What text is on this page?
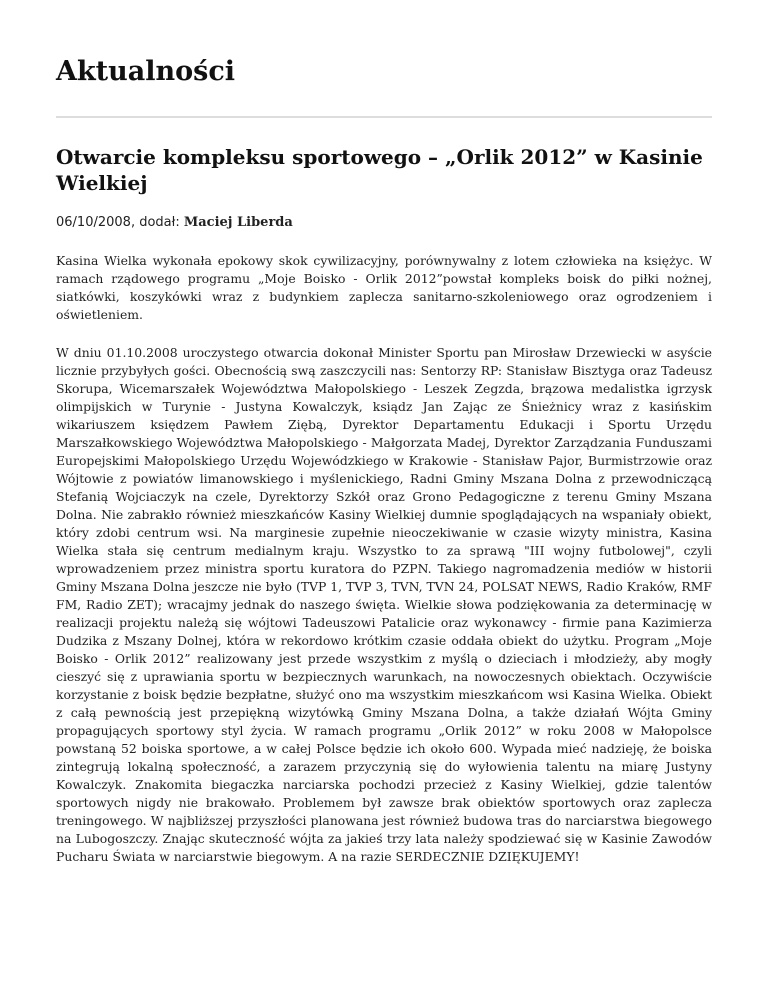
Aktualności
Otwarcie kompleksu sportowego – „Orlik 2012” w Kasinie Wielkiej
06/10/2008, dodał: Maciej Liberda

Kasina Wielka wykonała epokowy skok cywilizacyjny, porównywalny z lotem człowieka na księżyc. W ramach rządowego programu „Moje Boisko - Orlik 2012”powstał kompleks boisk do piłki nożnej, siatkówki, koszykówki wraz z budynkiem zaplecza sanitarno-szkoleniowego oraz ogrodzeniem i oświetleniem.

W dniu 01.10.2008 uroczystego otwarcia dokonał Minister Sportu pan Mirosław Drzewiecki w asyście licznie przybyłych gości. Obecnością swą zaszczycili nas: Sentorzy RP: Stanisław Bisztyga oraz Tadeusz Skorupa, Wicemarszałek Województwa Małopolskiego - Leszek Zegzda, brązowa medalistka igrzysk olimpijskich w Turynie - Justyna Kowalczyk, ksiądz Jan Zając ze Śnieżnicy wraz z kasińskim wikariuszem księdzem Pawłem Ziębą, Dyrektor Departamentu Edukacji i Sportu Urzędu Marszałkowskiego Województwa Małopolskiego - Małgorzata Madej, Dyrektor Zarządzania Funduszami Europejskimi Małopolskiego Urzędu Wojewódzkiego w Krakowie - Stanisław Pajor, Burmistrzowie oraz Wójtowie z powiatów limanowskiego i myślenickiego, Radni Gminy Mszana Dolna z przewodniczącą Stefanią Wojciaczyk na czele, Dyrektorzy Szkół oraz Grono Pedagogiczne z terenu Gminy Mszana Dolna. Nie zabrakło również mieszkańców Kasiny Wielkiej dumnie spoglądających na wspaniały obiekt, który zdobi centrum wsi. Na marginesie zupełnie nieoczekiwanie w czasie wizyty ministra, Kasina Wielka stała się centrum medialnym kraju. Wszystko to za sprawą "III wojny futbolowej", czyli wprowadzeniem przez ministra sportu kuratora do PZPN. Takiego nagromadzenia mediów w historii Gminy Mszana Dolna jeszcze nie było (TVP 1, TVP 3, TVN, TVN 24, POLSAT NEWS, Radio Kraków, RMF FM, Radio ZET); wracajmy jednak do naszego święta. Wielkie słowa podziękowania za determinację w realizacji projektu należą się wójtowi Tadeuszowi Patalicie oraz wykonawcy - firmie pana Kazimierza Dudzika z Mszany Dolnej, która w rekordowo krótkim czasie oddała obiekt do użytku. Program „Moje Boisko - Orlik 2012” realizowany jest przede wszystkim z myślą o dzieciach i młodzieży, aby mogły cieszyć się z uprawiania sportu w bezpiecznych warunkach, na nowoczesnych obiektach. Oczywiście korzystanie z boisk będzie bezpłatne, służyć ono ma wszystkim mieszkańcom wsi Kasina Wielka. Obiekt z całą pewnością jest przepiękną wizytówką Gminy Mszana Dolna, a także działań Wójta Gminy propagujących sportowy styl życia. W ramach programu „Orlik 2012” w roku 2008 w Małopolsce powstaną 52 boiska sportowe, a w całej Polsce będzie ich około 600. Wypada mieć nadzieję, że boiska zintegrują lokalną społeczność, a zarazem przyczynią się do wyłowienia talentu na miarę Justyny Kowalczyk. Znakomita biegaczka narciarska pochodzi przecież z Kasiny Wielkiej, gdzie talentów sportowych nigdy nie brakowało. Problemem był zawsze brak obiektów sportowych oraz zaplecza treningowego. W najbliższej przyszłości planowana jest również budowa tras do narciarstwa biegowego na Lubogoszczy. Znając skuteczność wójta za jakieś trzy lata należy spodziewać się w Kasinie Zawodów Pucharu Świata w narciarstwie biegowym. A na razie SERDECZNIE DZIĘKUJEMY!
